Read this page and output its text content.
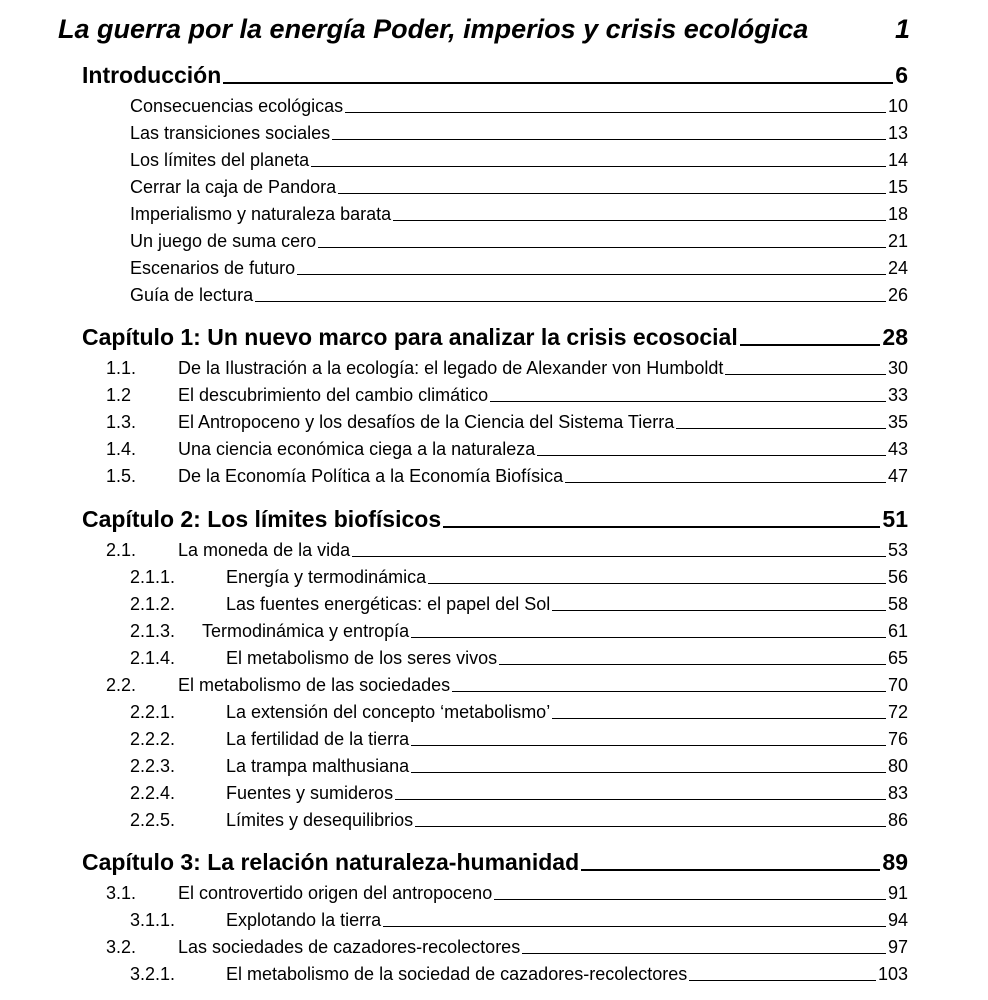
La guerra por la energía Poder, imperios y crisis ecológica	1
Introducción	6
Consecuencias ecológicas	10
Las transiciones sociales	13
Los límites del planeta	14
Cerrar la caja de Pandora	15
Imperialismo y naturaleza barata	18
Un juego de suma cero	21
Escenarios de futuro	24
Guía de lectura	26
Capítulo 1: Un nuevo marco para analizar la crisis ecosocial	28
1.1.	De la Ilustración a la ecología: el legado de Alexander von Humboldt	30
1.2	El descubrimiento del cambio climático	33
1.3.	El Antropoceno y los desafíos de la Ciencia del Sistema Tierra	35
1.4.	Una ciencia económica ciega a la naturaleza	43
1.5.	De la Economía Política a la Economía Biofísica	47
Capítulo 2: Los límites biofísicos	51
2.1.	La moneda de la vida	53
2.1.1.	Energía y termodinámica	56
2.1.2.	Las fuentes energéticas: el papel del Sol	58
2.1.3.	Termodinámica y entropía	61
2.1.4.	El metabolismo de los seres vivos	65
2.2.	El metabolismo de las sociedades	70
2.2.1.	La extensión del concepto ‘metabolismo’	72
2.2.2.	La fertilidad de la tierra	76
2.2.3.	La trampa malthusiana	80
2.2.4.	Fuentes y sumideros	83
2.2.5.	Límites y desequilibrios	86
Capítulo 3: La relación naturaleza-humanidad	89
3.1.	El controvertido origen del antropoceno	91
3.1.1.	Explotando la tierra	94
3.2.	Las sociedades de cazadores-recolectores	97
3.2.1.	El metabolismo de la sociedad de cazadores-recolectores	103
